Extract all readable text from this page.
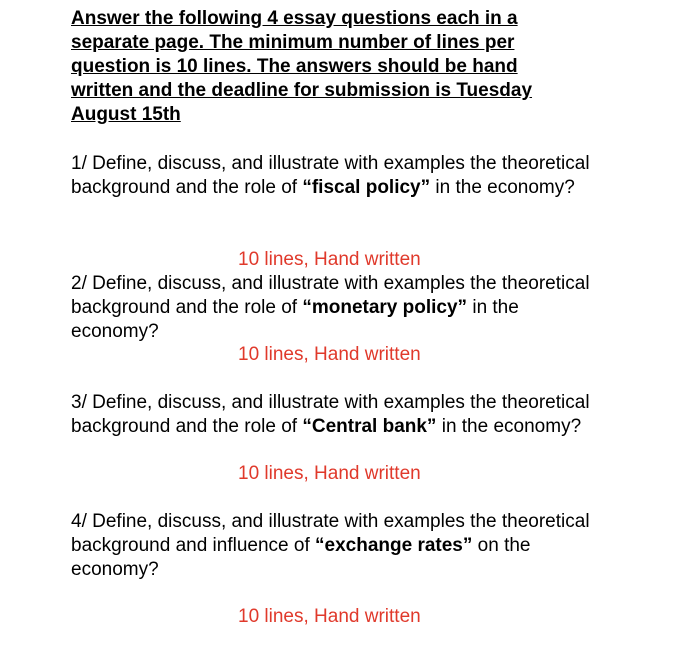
Answer the following 4 essay questions each in a separate page. The minimum number of lines per question is 10 lines. The answers should be hand written and the deadline for submission is Tuesday August 15th

1/ Define, discuss, and illustrate with examples the theoretical background and the role of “fiscal policy” in the economy?

10 lines, Hand written

2/ Define, discuss, and illustrate with examples the theoretical background and the role of “monetary policy” in the economy?

10 lines, Hand written

3/ Define, discuss, and illustrate with examples the theoretical background and the role of “Central bank” in the economy?

10 lines, Hand written

4/ Define, discuss, and illustrate with examples the theoretical background and influence of “exchange rates” on the economy?

10 lines, Hand written
